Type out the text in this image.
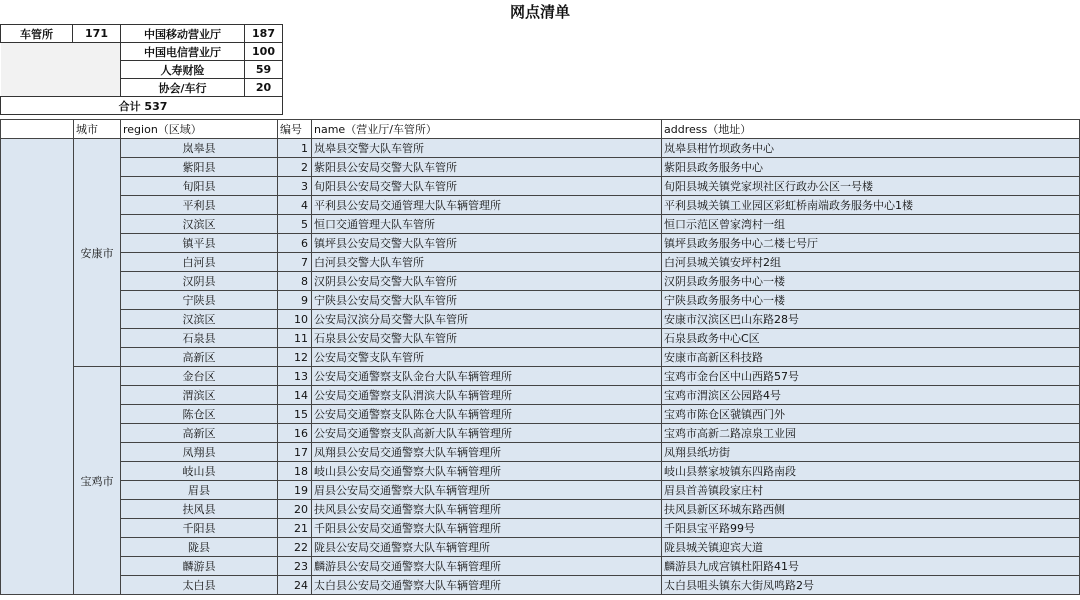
网点清单
车管所	171	中国移动营业厅	187
		中国电信营业厅	100
		人寿财险	59
		协会/车行	20
合计 537			
	城市	region（区域）	编号	name（营业厅/车管所）	address（地址）
	安康市	岚皋县	1	岚皋县交警大队车管所	岚皋县柑竹坝政务中心
		紫阳县	2	紫阳县公安局交警大队车管所	紫阳县政务服务中心
		旬阳县	3	旬阳县公安局交警大队车管所	旬阳县城关镇党家坝社区行政办公区一号楼
		平利县	4	平利县公安局交通管理大队车辆管理所	平利县城关镇工业园区彩虹桥南端政务服务中心1楼
		汉滨区	5	恒口交通管理大队车管所	恒口示范区曾家湾村一组
		镇平县	6	镇坪县公安局交警大队车管所	镇坪县政务服务中心二楼七号厅
		白河县	7	白河县交警大队车管所	白河县城关镇安坪村2组
		汉阴县	8	汉阴县公安局交警大队车管所	汉阴县政务服务中心一楼
		宁陕县	9	宁陕县公安局交警大队车管所	宁陕县政务服务中心一楼
		汉滨区	10	公安局汉滨分局交警大队车管所	安康市汉滨区巴山东路28号
		石泉县	11	石泉县公安局交警大队车管所	石泉县政务中心C区
		高新区	12	公安局交警支队车管所	安康市高新区科技路
	宝鸡市	金台区	13	公安局交通警察支队金台大队车辆管理所	宝鸡市金台区中山西路57号
		渭滨区	14	公安局交通警察支队渭滨大队车辆管理所	宝鸡市渭滨区公园路4号
		陈仓区	15	公安局交通警察支队陈仓大队车辆管理所	宝鸡市陈仓区虢镇西门外
		高新区	16	公安局交通警察支队高新大队车辆管理所	宝鸡市高新二路凉泉工业园
		凤翔县	17	凤翔县公安局交通警察大队车辆管理所	凤翔县纸坊街
		岐山县	18	岐山县公安局交通警察大队车辆管理所	岐山县蔡家坡镇东四路南段
		眉县	19	眉县公安局交通警察大队车辆管理所	眉县首善镇段家庄村
		扶风县	20	扶风县公安局交通警察大队车辆管理所	扶风县新区环城东路西侧
		千阳县	21	千阳县公安局交通警察大队车辆管理所	千阳县宝平路99号
		陇县	22	陇县公安局交通警察大队车辆管理所	陇县城关镇迎宾大道
		麟游县	23	麟游县公安局交通警察大队车辆管理所	麟游县九成宫镇杜阳路41号
		太白县	24	太白县公安局交通警察大队车辆管理所	太白县咀头镇东大街凤鸣路2号
